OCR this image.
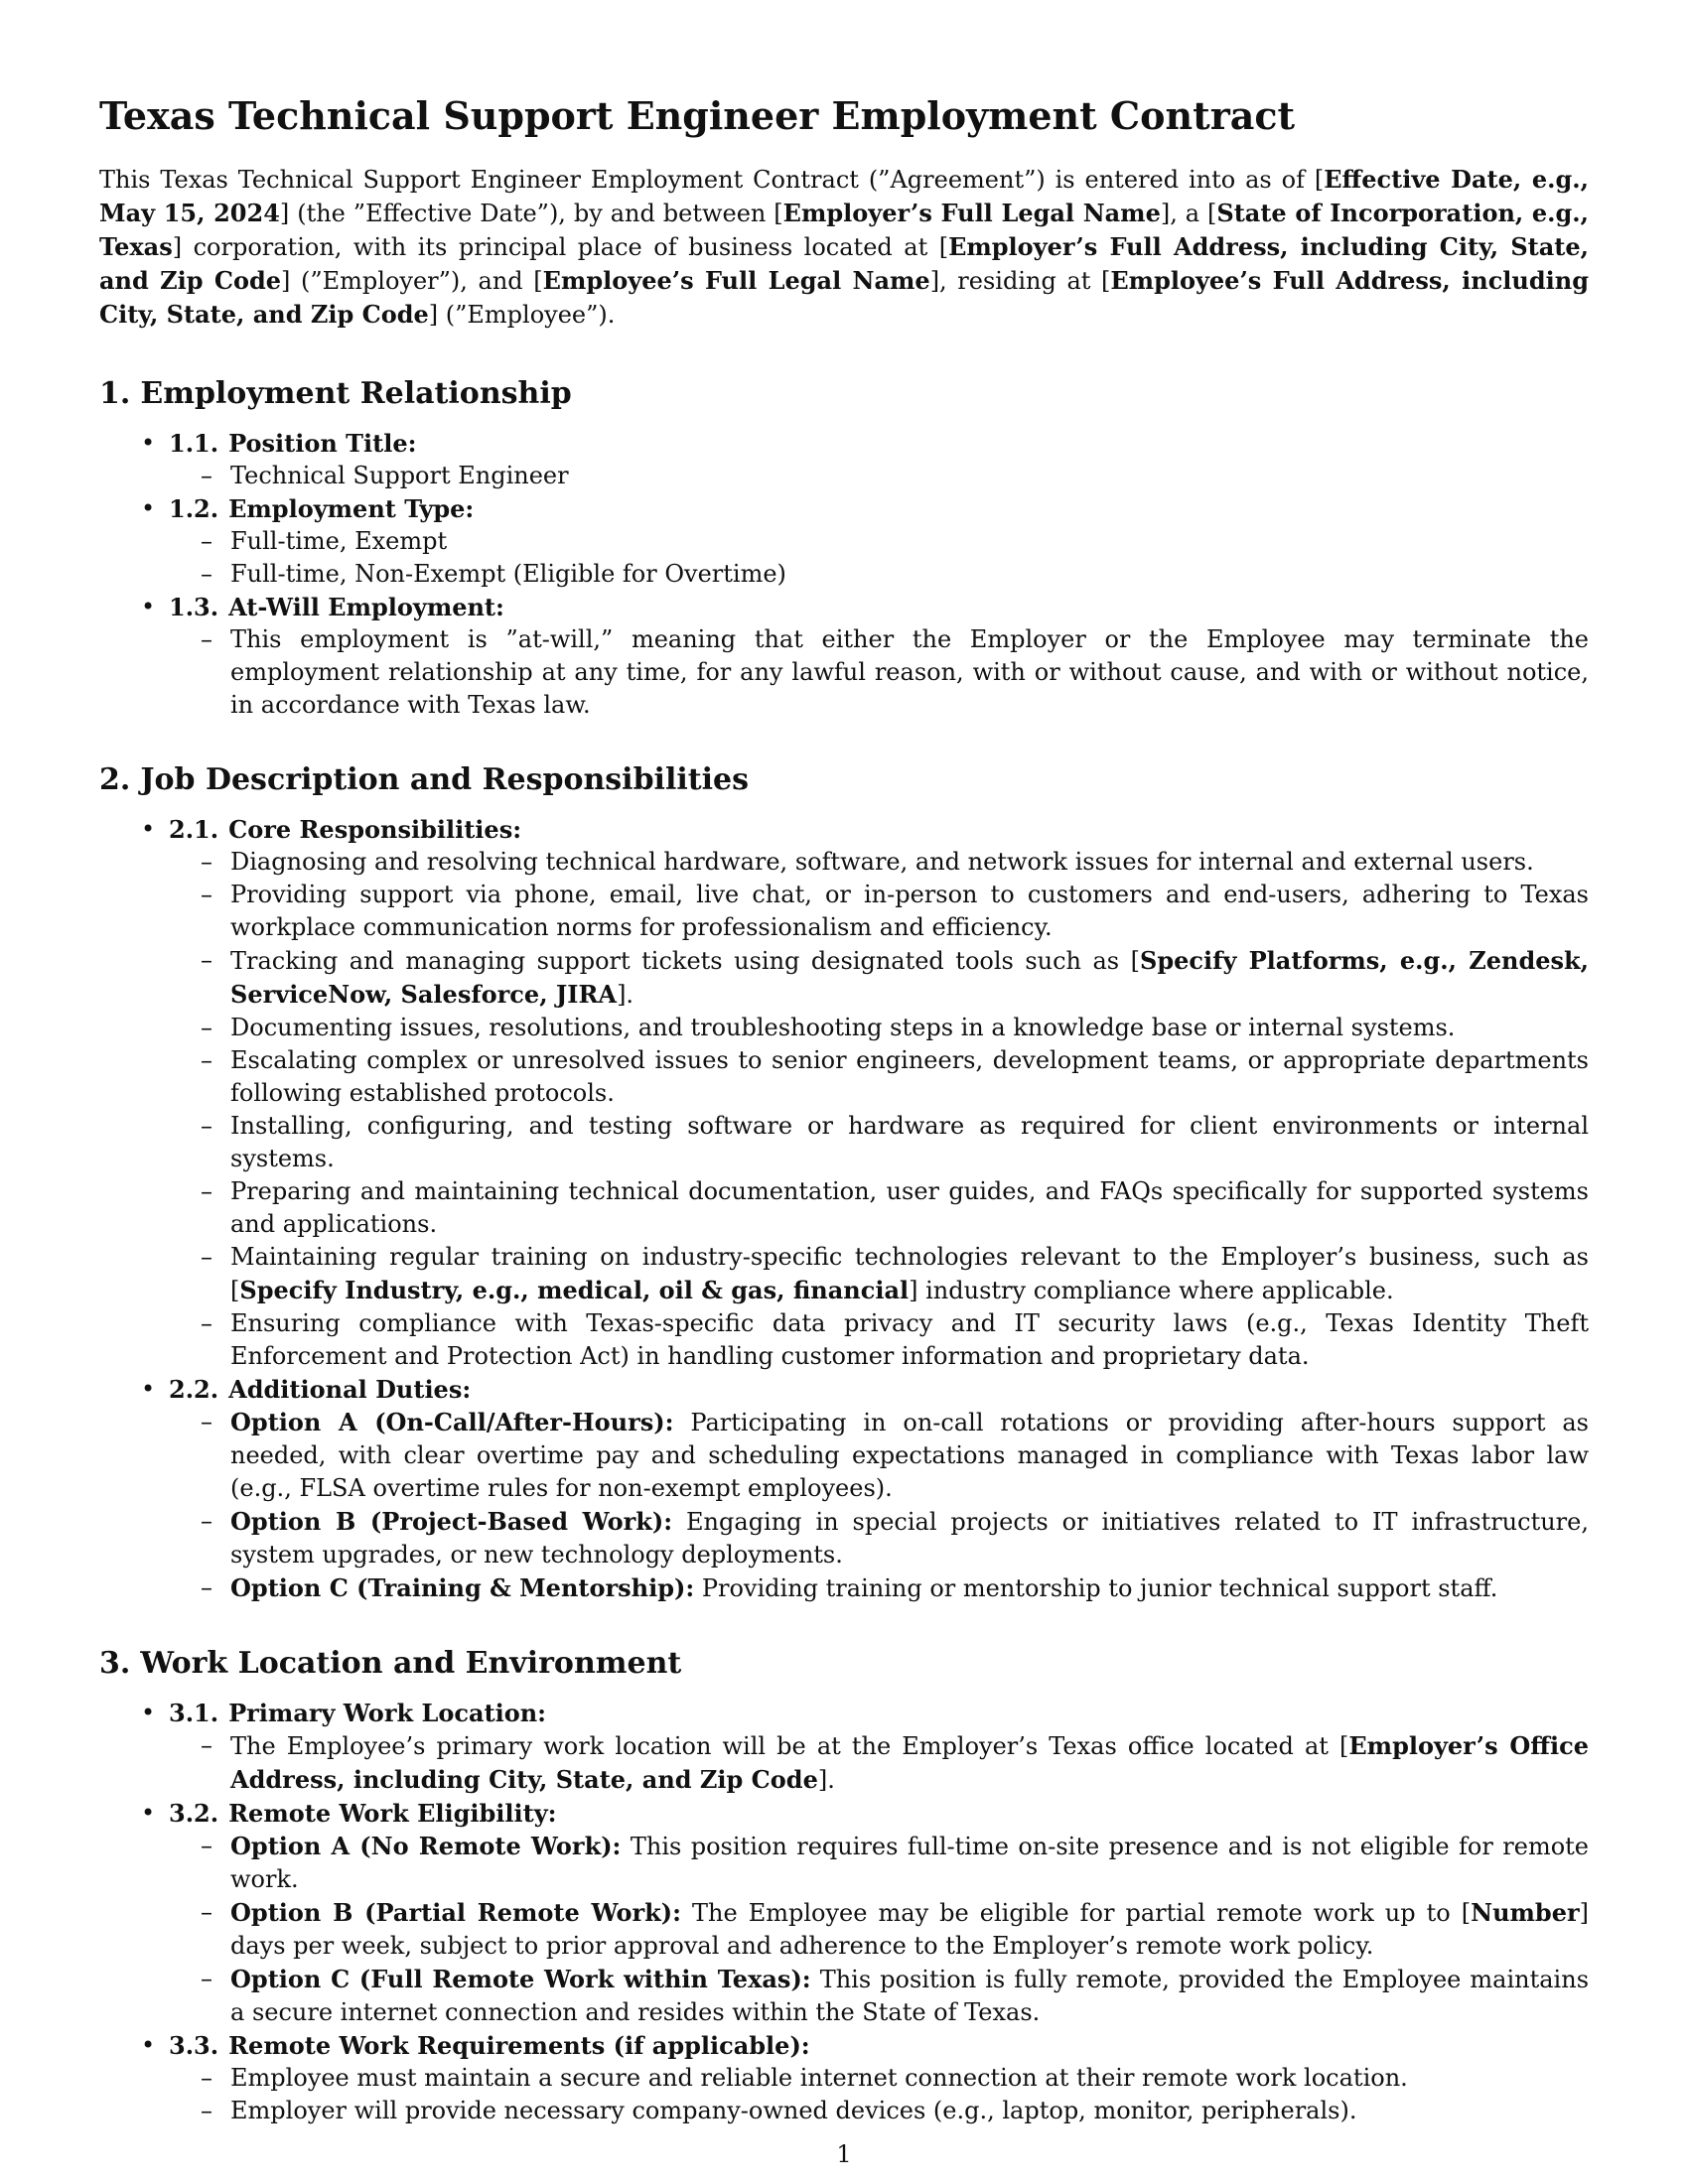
Texas Technical Support Engineer Employment Contract

This Texas Technical Support Engineer Employment Contract (”Agreement”) is entered into as of [Effective Date, e.g., May 15, 2024] (the ”Effective Date”), by and between [Employer’s Full Legal Name], a [State of Incorporation, e.g., Texas] corporation, with its principal place of business located at [Employer’s Full Address, including City, State, and Zip Code] (”Employer”), and [Employee’s Full Legal Name], residing at [Employee’s Full Address, including City, State, and Zip Code] (”Employee”).

1. Employment Relationship
• 1.1. Position Title:
– Technical Support Engineer
• 1.2. Employment Type:
– Full-time, Exempt
– Full-time, Non-Exempt (Eligible for Overtime)
• 1.3. At-Will Employment:
– This employment is ”at-will,” meaning that either the Employer or the Employee may terminate the employment relationship at any time, for any lawful reason, with or without cause, and with or without notice, in accordance with Texas law.
2. Job Description and Responsibilities
• 2.1. Core Responsibilities:
– Diagnosing and resolving technical hardware, software, and network issues for internal and external users.
– Providing support via phone, email, live chat, or in-person to customers and end-users, adhering to Texas workplace communication norms for professionalism and efficiency.
– Tracking and managing support tickets using designated tools such as [Specify Platforms, e.g., Zendesk, ServiceNow, Salesforce, JIRA].
– Documenting issues, resolutions, and troubleshooting steps in a knowledge base or internal systems.
– Escalating complex or unresolved issues to senior engineers, development teams, or appropriate departments following established protocols.
– Installing, configuring, and testing software or hardware as required for client environments or internal systems.
– Preparing and maintaining technical documentation, user guides, and FAQs specifically for supported systems and applications.
– Maintaining regular training on industry-specific technologies relevant to the Employer’s business, such as [Specify Industry, e.g., medical, oil & gas, financial] industry compliance where applicable.
– Ensuring compliance with Texas-specific data privacy and IT security laws (e.g., Texas Identity Theft Enforcement and Protection Act) in handling customer information and proprietary data.
• 2.2. Additional Duties:
– Option A (On-Call/After-Hours): Participating in on-call rotations or providing after-hours support as needed, with clear overtime pay and scheduling expectations managed in compliance with Texas labor law (e.g., FLSA overtime rules for non-exempt employees).
– Option B (Project-Based Work): Engaging in special projects or initiatives related to IT infrastructure, system upgrades, or new technology deployments.
– Option C (Training & Mentorship): Providing training or mentorship to junior technical support staff.
3. Work Location and Environment
• 3.1. Primary Work Location:
– The Employee’s primary work location will be at the Employer’s Texas office located at [Employer’s Office Address, including City, State, and Zip Code].
• 3.2. Remote Work Eligibility:
– Option A (No Remote Work): This position requires full-time on-site presence and is not eligible for remote work.
– Option B (Partial Remote Work): The Employee may be eligible for partial remote work up to [Number] days per week, subject to prior approval and adherence to the Employer’s remote work policy.
– Option C (Full Remote Work within Texas): This position is fully remote, provided the Employee maintains a secure internet connection and resides within the State of Texas.
• 3.3. Remote Work Requirements (if applicable):
– Employee must maintain a secure and reliable internet connection at their remote work location.
– Employer will provide necessary company-owned devices (e.g., laptop, monitor, peripherals).
1
